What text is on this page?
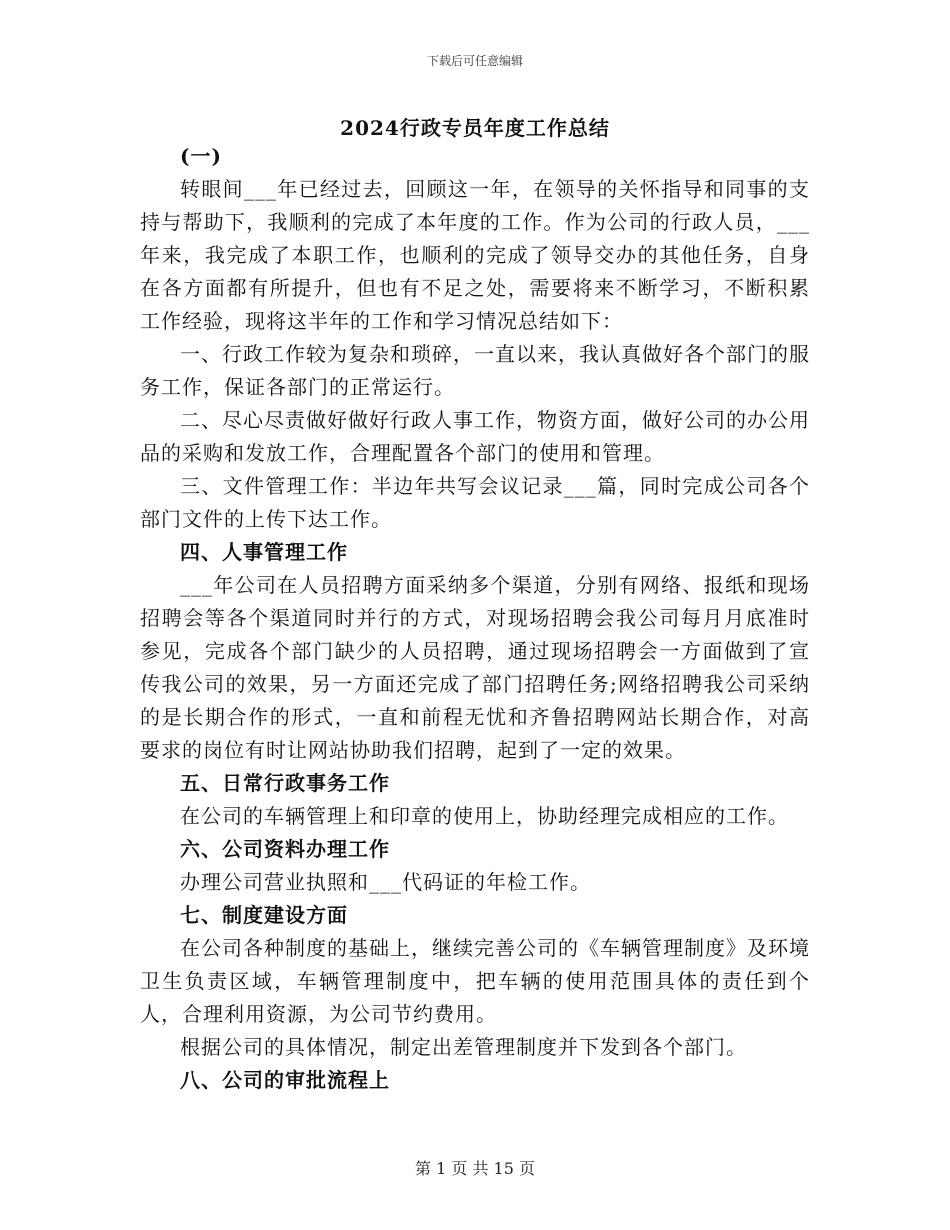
下载后可任意编辑
2024行政专员年度工作总结

(一)

转眼间___年已经过去，回顾这一年，在领导的关怀指导和同事的支持与帮助下，我顺利的完成了本年度的工作。作为公司的行政人员，___年来，我完成了本职工作，也顺利的完成了领导交办的其他任务，自身在各方面都有所提升，但也有不足之处，需要将来不断学习，不断积累工作经验，现将这半年的工作和学习情况总结如下：

一、行政工作较为复杂和琐碎，一直以来，我认真做好各个部门的服务工作，保证各部门的正常运行。

二、尽心尽责做好做好行政人事工作，物资方面，做好公司的办公用品的采购和发放工作，合理配置各个部门的使用和管理。

三、文件管理工作：半边年共写会议记录___篇，同时完成公司各个部门文件的上传下达工作。

四、人事管理工作

___年公司在人员招聘方面采纳多个渠道，分别有网络、报纸和现场招聘会等各个渠道同时并行的方式，对现场招聘会我公司每月月底准时参见，完成各个部门缺少的人员招聘，通过现场招聘会一方面做到了宣传我公司的效果，另一方面还完成了部门招聘任务;网络招聘我公司采纳的是长期合作的形式，一直和前程无忧和齐鲁招聘网站长期合作，对高要求的岗位有时让网站协助我们招聘，起到了一定的效果。

五、日常行政事务工作

在公司的车辆管理上和印章的使用上，协助经理完成相应的工作。

六、公司资料办理工作

办理公司营业执照和___代码证的年检工作。

七、制度建设方面

在公司各种制度的基础上，继续完善公司的《车辆管理制度》及环境卫生负责区域，车辆管理制度中，把车辆的使用范围具体的责任到个人，合理利用资源，为公司节约费用。

根据公司的具体情况，制定出差管理制度并下发到各个部门。

八、公司的审批流程上

第 1 页 共 15 页
